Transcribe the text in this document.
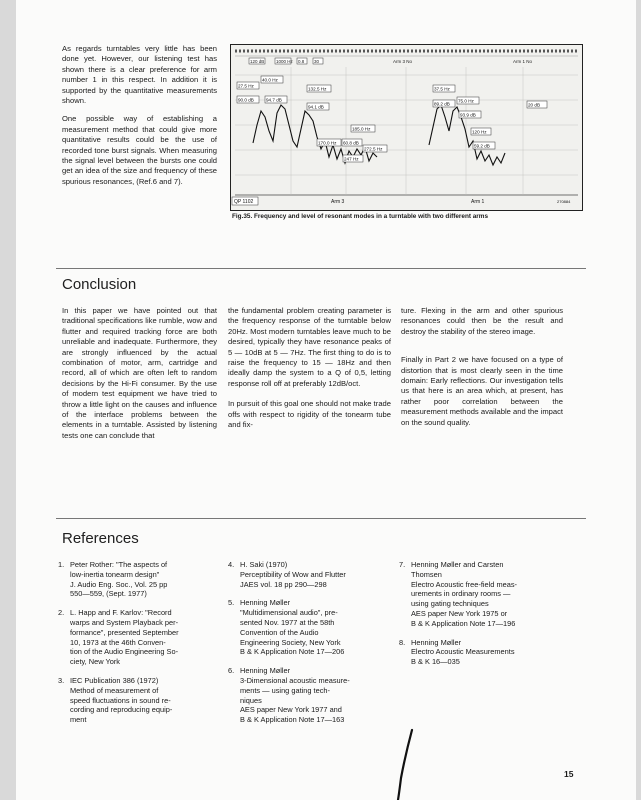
As regards turntables very little has been done yet. However, our listening test has shown there is a clear preference for arm number 1 in this respect. In addition it is supported by the quantitative measurements shown.

One possible way of establishing a measurement method that could give more quantitative results could be the use of recorded tone burst signals. When measuring the signal level between the bursts one could get an idea of the size and frequency of these spurious resonances, (Ref.6 and 7).

120 dB	1000 Hz 0.8 30	Arm 3 No	Arm 1 No
27.5 Hz
40.0 Hz
90.0 dB	94.7 dB
132.5 Hz
94.1 dB
185.0 Hz
170.0 Hz 60.8 dB
272.5 Hz
247 Hz
37.5 Hz
89.2 dB
75.0 Hz
93.9 dB
20 dB
120 Hz
59.2 dB
QP 1102	Arm 3	Arm 1	270884
Fig.35. Frequency and level of resonant modes in a turntable with two different arms
Conclusion

In this paper we have pointed out that traditional specifications like rumble, wow and flutter and required tracking force are both unreliable and inadequate. Furthermore, they are strongly influenced by the actual combination of motor, arm, cartridge and record, all of which are often left to random decisions by the Hi-Fi consumer. By the use of modern test equipment we have tried to throw a little light on the causes and influence of the interface problems between the elements in a turntable. Assisted by listening tests one can conclude that

the fundamental problem creating parameter is the frequency response of the turntable below 20Hz. Most modern turntables leave much to be desired, typically they have resonance peaks of 5 — 10dB at 5 — 7Hz. The first thing to do is to raise the frequency to 15 — 18Hz and then ideally damp the system to a Q of 0,5, letting response roll off at preferably 12dB/oct.

In pursuit of this goal one should not make trade offs with respect to rigidity of the tonearm tube and fix-

ture. Flexing in the arm and other spurious resonances could then be the result and destroy the stability of the stereo image.

Finally in Part 2 we have focused on a type of distortion that is most clearly seen in the time domain: Early reflections. Our investigation tells us that here is an area which, at present, has rather poor correlation between the measurement methods available and the impact on the sound quality.

References
1. Peter Rother: "The aspects of
low-inertia tonearm design"
J. Audio Eng. Soc., Vol. 25 pp
550—559, (Sept. 1977)
2. L. Happ and F. Karlov: "Record
warps and System Playback per-
formance", presented September
10, 1973 at the 46th Conven-
tion of the Audio Engineering So-
ciety, New York
3. IEC Publication 386 (1972)
Method of measurement of
speed fluctuations in sound re-
cording and reproducing equip-
ment
4. H. Saki (1970)
Perceptibility of Wow and Flutter
JAES vol. 18 pp 290—298
5. Henning Møller
"Multidimensional audio", pre-
sented Nov. 1977 at the 58th
Convention of the Audio
Engineering Society, New York
B & K Application Note 17—206
6. Henning Møller
3-Dimensional acoustic measure-
ments — using gating tech-
niques
AES paper New York 1977 and
B & K Application Note 17—163
7. Henning Møller and Carsten
Thomsen
Electro Acoustic free-field meas-
urements in ordinary rooms —
using gating techniques
AES paper New York 1975 or
B & K Application Note 17—196
8. Henning Møller
Electro Acoustic Measurements
B & K 16—035
15
